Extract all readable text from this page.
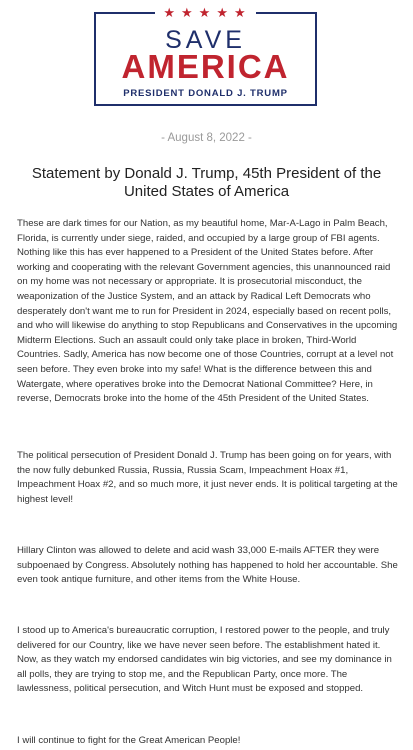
★★★★★
SAVE
AMERICA
PRESIDENT DONALD J. TRUMP
- August 8, 2022 -
Statement by Donald J. Trump, 45th President of the United States of America

These are dark times for our Nation, as my beautiful home, Mar-A-Lago in Palm Beach, Florida, is currently under siege, raided, and occupied by a large group of FBI agents. Nothing like this has ever happened to a President of the United States before. After working and cooperating with the relevant Government agencies, this unannounced raid on my home was not necessary or appropriate. It is prosecutorial misconduct, the weaponization of the Justice System, and an attack by Radical Left Democrats who desperately don't want me to run for President in 2024, especially based on recent polls, and who will likewise do anything to stop Republicans and Conservatives in the upcoming Midterm Elections. Such an assault could only take place in broken, Third-World Countries. Sadly, America has now become one of those Countries, corrupt at a level not seen before. They even broke into my safe! What is the difference between this and Watergate, where operatives broke into the Democrat National Committee? Here, in reverse, Democrats broke into the home of the 45th President of the United States.

The political persecution of President Donald J. Trump has been going on for years, with the now fully debunked Russia, Russia, Russia Scam, Impeachment Hoax #1, Impeachment Hoax #2, and so much more, it just never ends. It is political targeting at the highest level!

Hillary Clinton was allowed to delete and acid wash 33,000 E-mails AFTER they were subpoenaed by Congress. Absolutely nothing has happened to hold her accountable. She even took antique furniture, and other items from the White House.

I stood up to America's bureaucratic corruption, I restored power to the people, and truly delivered for our Country, like we have never seen before. The establishment hated it. Now, as they watch my endorsed candidates win big victories, and see my dominance in all polls, they are trying to stop me, and the Republican Party, once more. The lawlessness, political persecution, and Witch Hunt must be exposed and stopped.

I will continue to fight for the Great American People!
